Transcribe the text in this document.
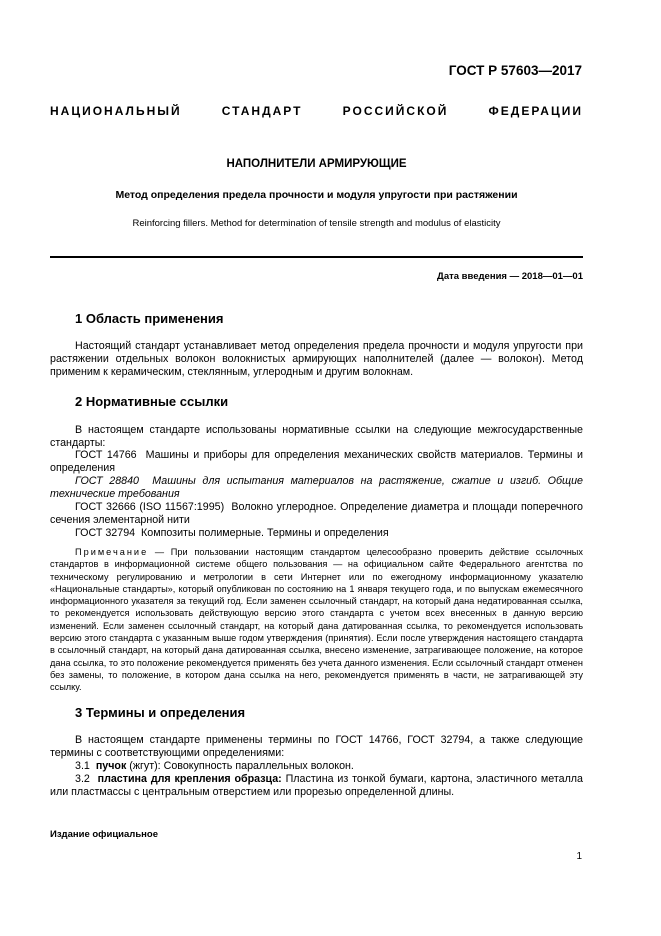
ГОСТ Р 57603—2017
НАЦИОНАЛЬНЫЙ СТАНДАРТ РОССИЙСКОЙ ФЕДЕРАЦИИ
НАПОЛНИТЕЛИ АРМИРУЮЩИЕ
Метод определения предела прочности и модуля упругости при растяжении
Reinforcing fillers. Method for determination of tensile strength and modulus of elasticity
Дата введения — 2018—01—01
1 Область применения
Настоящий стандарт устанавливает метод определения предела прочности и модуля упругости при растяжении отдельных волокон волокнистых армирующих наполнителей (далее — волокон). Метод применим к керамическим, стеклянным, углеродным и другим волокнам.
2 Нормативные ссылки
В настоящем стандарте использованы нормативные ссылки на следующие межгосударственные стандарты:
ГОСТ 14766 Машины и приборы для определения механических свойств материалов. Термины и определения
ГОСТ 28840 Машины для испытания материалов на растяжение, сжатие и изгиб. Общие технические требования
ГОСТ 32666 (ISO 11567:1995) Волокно углеродное. Определение диаметра и площади поперечного сечения элементарной нити
ГОСТ 32794 Композиты полимерные. Термины и определения
Примечание — При пользовании настоящим стандартом целесообразно проверить действие ссылочных стандартов в информационной системе общего пользования — на официальном сайте Федерального агентства по техническому регулированию и метрологии в сети Интернет или по ежегодному информационному указателю «Национальные стандарты», который опубликован по состоянию на 1 января текущего года, и по выпускам ежемесячного информационного указателя за текущий год. Если заменен ссылочный стандарт, на который дана недатированная ссылка, то рекомендуется использовать действующую версию этого стандарта с учетом всех внесенных в данную версию изменений. Если заменен ссылочный стандарт, на который дана датированная ссылка, то рекомендуется использовать версию этого стандарта с указанным выше годом утверждения (принятия). Если после утверждения настоящего стандарта в ссылочный стандарт, на который дана датированная ссылка, внесено изменение, затрагивающее положение, на которое дана ссылка, то это положение рекомендуется применять без учета данного изменения. Если ссылочный стандарт отменен без замены, то положение, в котором дана ссылка на него, рекомендуется применять в части, не затрагивающей эту ссылку.
3 Термины и определения
В настоящем стандарте применены термины по ГОСТ 14766, ГОСТ 32794, а также следующие термины с соответствующими определениями:
3.1 пучок (жгут): Совокупность параллельных волокон.
3.2 пластина для крепления образца: Пластина из тонкой бумаги, картона, эластичного металла или пластмассы с центральным отверстием или прорезью определенной длины.
Издание официальное
1
